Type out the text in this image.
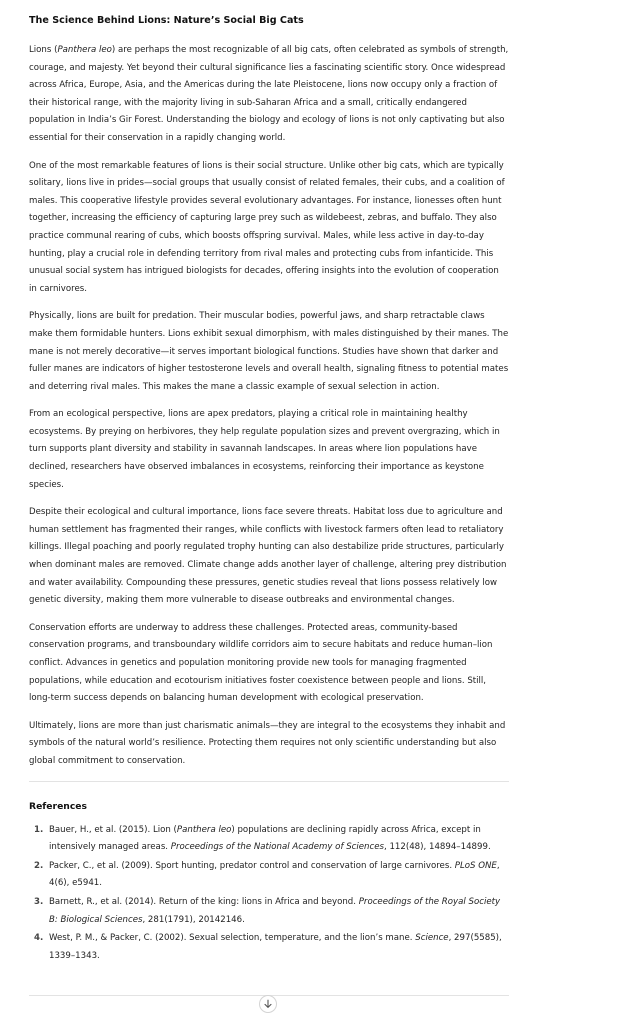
The Science Behind Lions: Nature’s Social Big Cats

Lions (Panthera leo) are perhaps the most recognizable of all big cats, often celebrated as symbols of strength, courage, and majesty. Yet beyond their cultural significance lies a fascinating scientific story. Once widespread across Africa, Europe, Asia, and the Americas during the late Pleistocene, lions now occupy only a fraction of their historical range, with the majority living in sub-Saharan Africa and a small, critically endangered population in India’s Gir Forest. Understanding the biology and ecology of lions is not only captivating but also essential for their conservation in a rapidly changing world.

One of the most remarkable features of lions is their social structure. Unlike other big cats, which are typically solitary, lions live in prides—social groups that usually consist of related females, their cubs, and a coalition of males. This cooperative lifestyle provides several evolutionary advantages. For instance, lionesses often hunt together, increasing the efficiency of capturing large prey such as wildebeest, zebras, and buffalo. They also practice communal rearing of cubs, which boosts offspring survival. Males, while less active in day-to-day hunting, play a crucial role in defending territory from rival males and protecting cubs from infanticide. This unusual social system has intrigued biologists for decades, offering insights into the evolution of cooperation in carnivores.

Physically, lions are built for predation. Their muscular bodies, powerful jaws, and sharp retractable claws make them formidable hunters. Lions exhibit sexual dimorphism, with males distinguished by their manes. The mane is not merely decorative—it serves important biological functions. Studies have shown that darker and fuller manes are indicators of higher testosterone levels and overall health, signaling fitness to potential mates and deterring rival males. This makes the mane a classic example of sexual selection in action.

From an ecological perspective, lions are apex predators, playing a critical role in maintaining healthy ecosystems. By preying on herbivores, they help regulate population sizes and prevent overgrazing, which in turn supports plant diversity and stability in savannah landscapes. In areas where lion populations have declined, researchers have observed imbalances in ecosystems, reinforcing their importance as keystone species.

Despite their ecological and cultural importance, lions face severe threats. Habitat loss due to agriculture and human settlement has fragmented their ranges, while conflicts with livestock farmers often lead to retaliatory killings. Illegal poaching and poorly regulated trophy hunting can also destabilize pride structures, particularly when dominant males are removed. Climate change adds another layer of challenge, altering prey distribution and water availability. Compounding these pressures, genetic studies reveal that lions possess relatively low genetic diversity, making them more vulnerable to disease outbreaks and environmental changes.

Conservation efforts are underway to address these challenges. Protected areas, community-based conservation programs, and transboundary wildlife corridors aim to secure habitats and reduce human–lion conflict. Advances in genetics and population monitoring provide new tools for managing fragmented populations, while education and ecotourism initiatives foster coexistence between people and lions. Still, long-term success depends on balancing human development with ecological preservation.

Ultimately, lions are more than just charismatic animals—they are integral to the ecosystems they inhabit and symbols of the natural world’s resilience. Protecting them requires not only scientific understanding but also global commitment to conservation.

References
1. Bauer, H., et al. (2015). Lion (Panthera leo) populations are declining rapidly across Africa, except in intensively managed areas. Proceedings of the National Academy of Sciences, 112(48), 14894–14899.
2. Packer, C., et al. (2009). Sport hunting, predator control and conservation of large carnivores. PLoS ONE, 4(6), e5941.
3. Barnett, R., et al. (2014). Return of the king: lions in Africa and beyond. Proceedings of the Royal Society B: Biological Sciences, 281(1791), 20142146.
4. West, P. M., & Packer, C. (2002). Sexual selection, temperature, and the lion’s mane. Science, 297(5585), 1339–1343.
